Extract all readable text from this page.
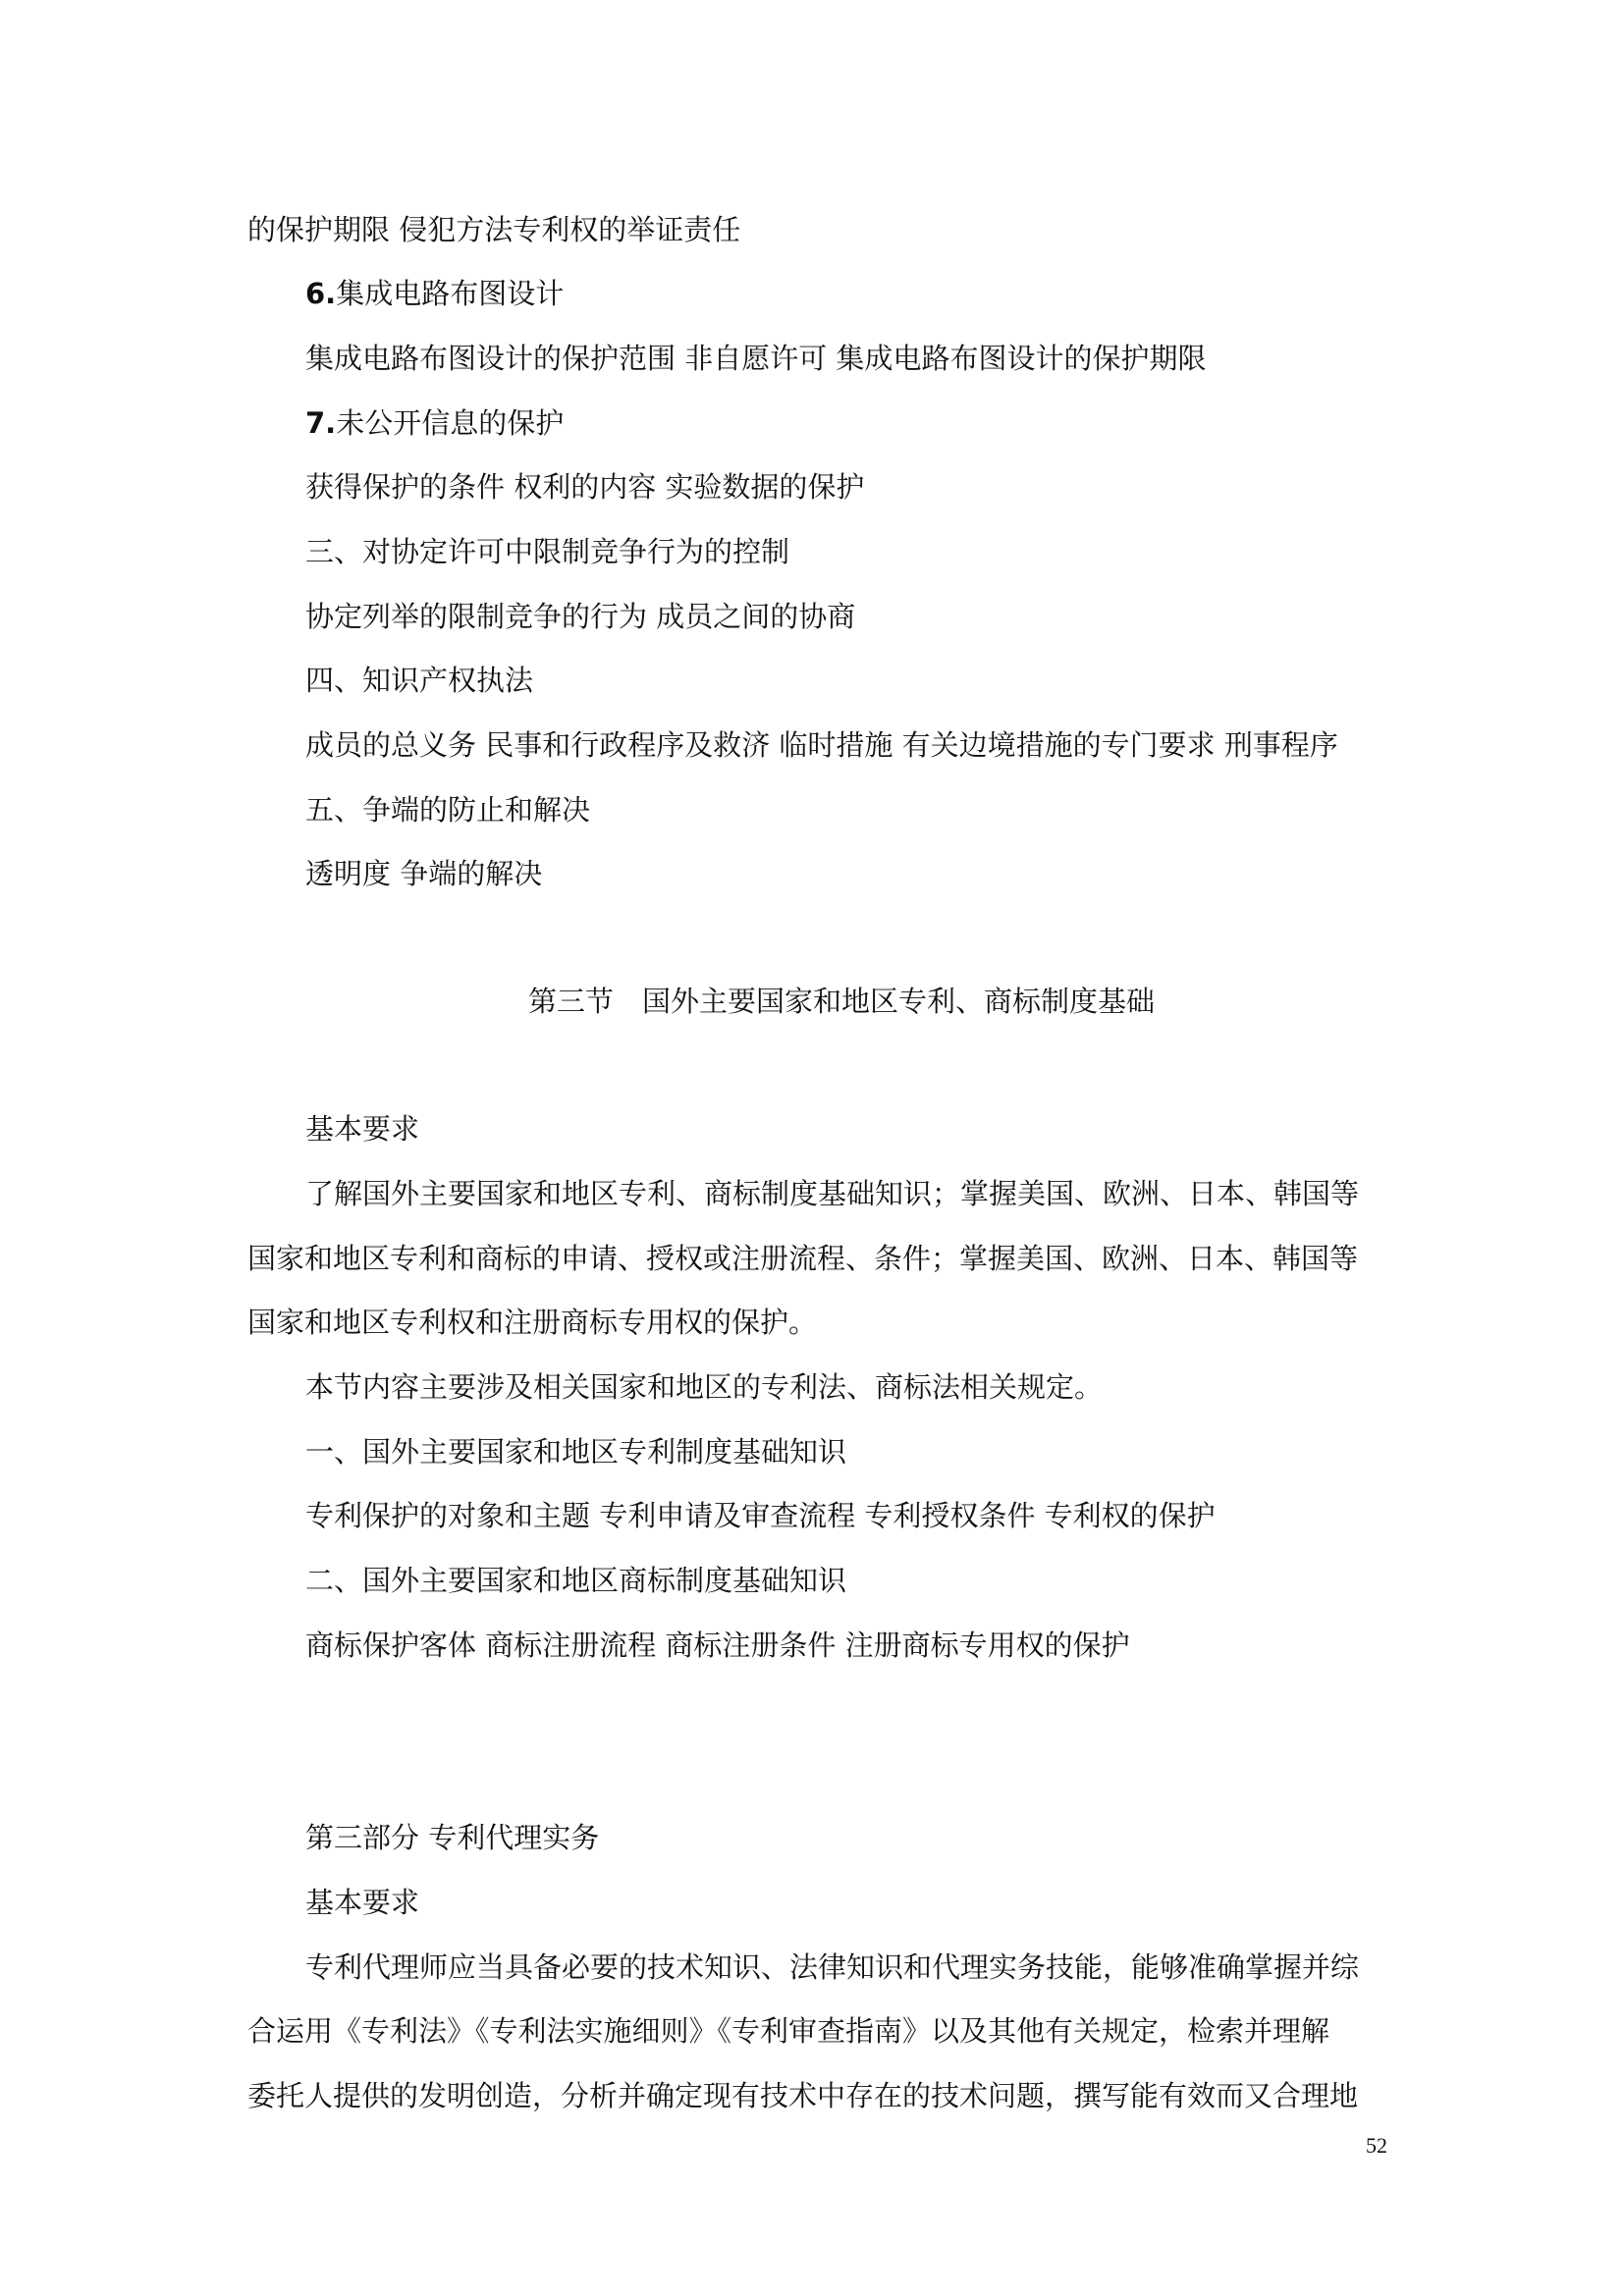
的保护期限 侵犯方法专利权的举证责任
6.集成电路布图设计
集成电路布图设计的保护范围 非自愿许可 集成电路布图设计的保护期限
7.未公开信息的保护
获得保护的条件 权利的内容 实验数据的保护
三、对协定许可中限制竞争行为的控制
协定列举的限制竞争的行为 成员之间的协商
四、知识产权执法
成员的总义务 民事和行政程序及救济 临时措施 有关边境措施的专门要求 刑事程序
五、争端的防止和解决
透明度 争端的解决
第三节　国外主要国家和地区专利、商标制度基础
基本要求
了解国外主要国家和地区专利、商标制度基础知识；掌握美国、欧洲、日本、韩国等
国家和地区专利和商标的申请、授权或注册流程、条件；掌握美国、欧洲、日本、韩国等
国家和地区专利权和注册商标专用权的保护。
本节内容主要涉及相关国家和地区的专利法、商标法相关规定。
一、国外主要国家和地区专利制度基础知识
专利保护的对象和主题 专利申请及审查流程 专利授权条件 专利权的保护
二、国外主要国家和地区商标制度基础知识
商标保护客体 商标注册流程 商标注册条件 注册商标专用权的保护
第三部分 专利代理实务
基本要求
专利代理师应当具备必要的技术知识、法律知识和代理实务技能，能够准确掌握并综
合运用《专利法》《专利法实施细则》《专利审查指南》以及其他有关规定，检索并理解
委托人提供的发明创造，分析并确定现有技术中存在的技术问题，撰写能有效而又合理地
52
